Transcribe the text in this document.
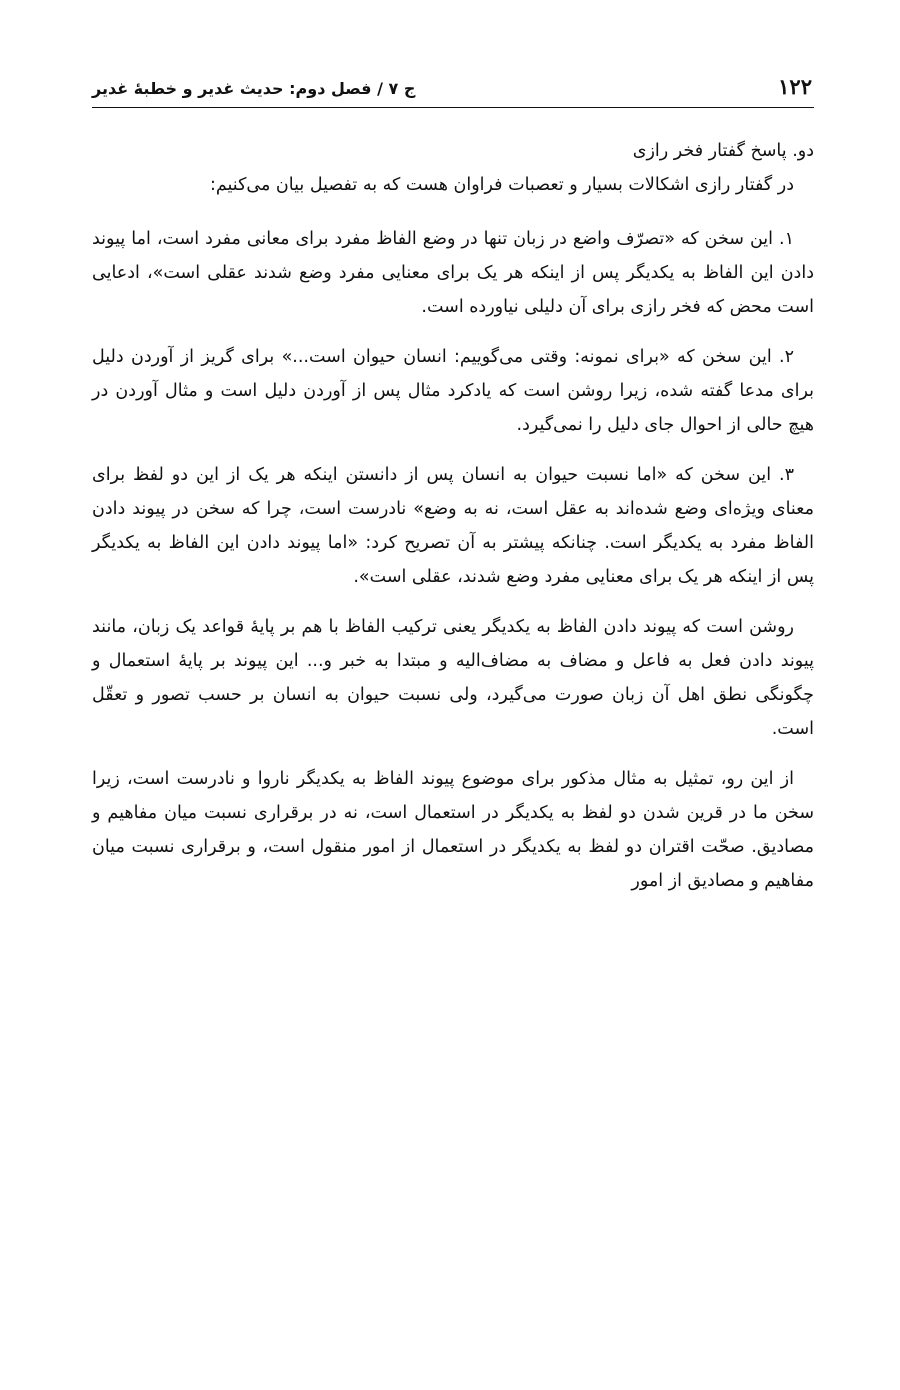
۱۲۲
ج ۷ / فصل دوم: حدیث غدیر و خطبهٔ غدیر

دو. پاسخ گفتار فخر رازی

در گفتار رازی اشکالات بسیار و تعصبات فراوان هست که به تفصیل بیان می‌کنیم:

۱. این سخن که «تصرّف واضع در زبان تنها در وضع الفاظ مفرد برای معانی مفرد است، اما پیوند دادن این الفاظ به یکدیگر پس از اینکه هر یک برای معنایی مفرد وضع شدند عقلی است»، ادعایی است محض که فخر رازی برای آن دلیلی نیاورده است.

۲. این سخن که «برای نمونه: وقتی می‌گوییم: انسان حیوان است...» برای گریز از آوردن دلیل برای مدعا گفته شده، زیرا روشن است که یادکرد مثال پس از آوردن دلیل است و مثال آوردن در هیچ حالی از احوال جای دلیل را نمی‌گیرد.

۳. این سخن که «اما نسبت حیوان به انسان پس از دانستن اینکه هر یک از این دو لفظ برای معنای ویژه‌ای وضع شده‌اند به عقل است، نه به وضع» نادرست است، چرا که سخن در پیوند دادن الفاظ مفرد به یکدیگر است. چنانکه پیشتر به آن تصریح کرد: «اما پیوند دادن این الفاظ به یکدیگر پس از اینکه هر یک برای معنایی مفرد وضع شدند، عقلی است».

روشن است که پیوند دادن الفاظ به یکدیگر یعنی ترکیب الفاظ با هم بر پایهٔ قواعد یک زبان، مانند پیوند دادن فعل به فاعل و مضاف به مضاف‌الیه و مبتدا به خبر و... این پیوند بر پایهٔ استعمال و چگونگی نطق اهل آن زبان صورت می‌گیرد، ولی نسبت حیوان به انسان بر حسب تصور و تعقّل است.

از این رو، تمثیل به مثال مذکور برای موضوع پیوند الفاظ به یکدیگر ناروا و نادرست است، زیرا سخن ما در قرین شدن دو لفظ به یکدیگر در استعمال است، نه در برقراری نسبت میان مفاهیم و مصادیق. صحّت اقتران دو لفظ به یکدیگر در استعمال از امور منقول است، و برقراری نسبت میان مفاهیم و مصادیق از امور
